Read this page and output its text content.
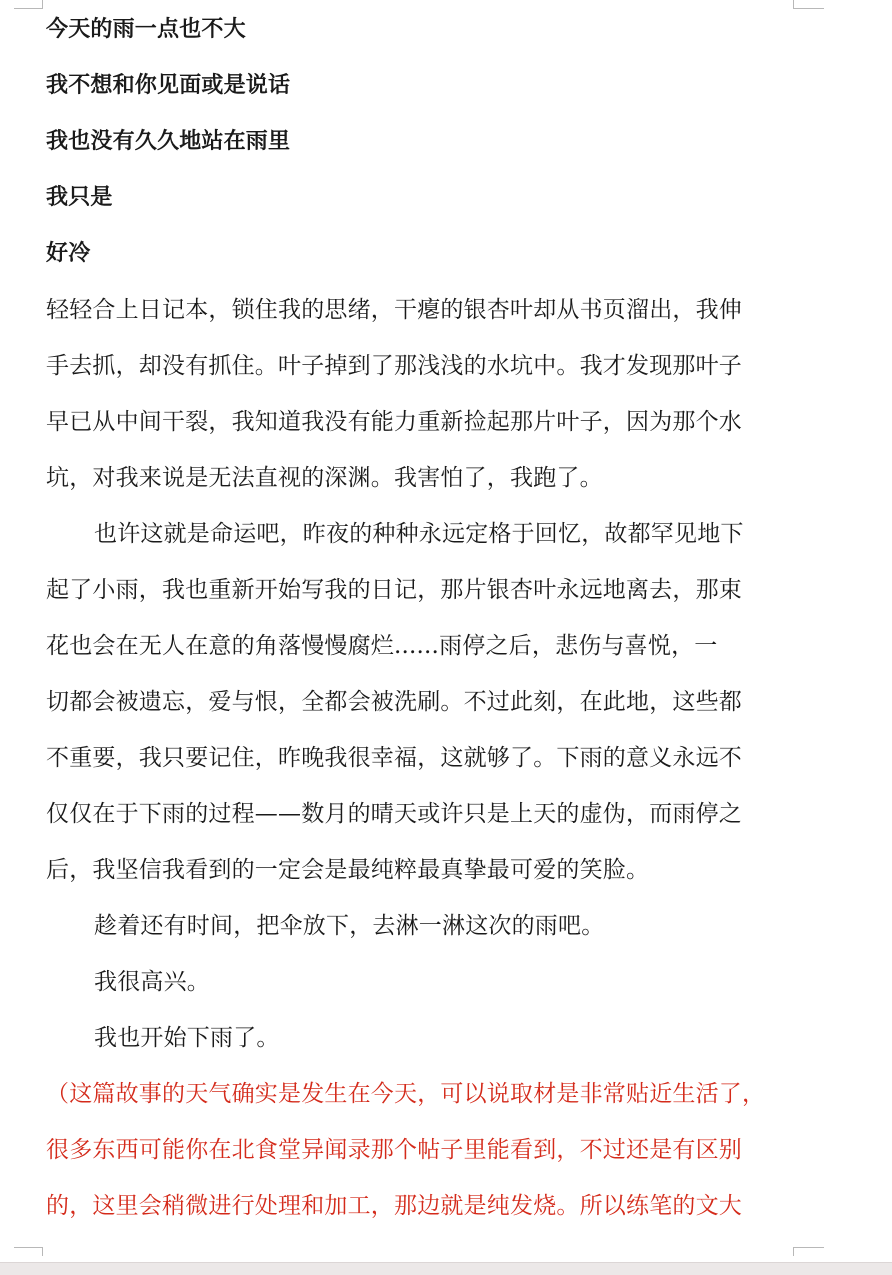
今天的雨一点也不大

我不想和你见面或是说话

我也没有久久地站在雨里

我只是

好冷

轻轻合上日记本，锁住我的思绪，干瘪的银杏叶却从书页溜出，我伸

手去抓，却没有抓住。叶子掉到了那浅浅的水坑中。我才发现那叶子

早已从中间干裂，我知道我没有能力重新捡起那片叶子，因为那个水

坑，对我来说是无法直视的深渊。我害怕了，我跑了。

也许这就是命运吧，昨夜的种种永远定格于回忆，故都罕见地下

起了小雨，我也重新开始写我的日记，那片银杏叶永远地离去，那束

花也会在无人在意的角落慢慢腐烂......雨停之后，悲伤与喜悦，一

切都会被遗忘，爱与恨，全都会被洗刷。不过此刻，在此地，这些都

不重要，我只要记住，昨晚我很幸福，这就够了。下雨的意义永远不

仅仅在于下雨的过程——数月的晴天或许只是上天的虚伪，而雨停之

后，我坚信我看到的一定会是最纯粹最真挚最可爱的笑脸。

趁着还有时间，把伞放下，去淋一淋这次的雨吧。

我很高兴。

我也开始下雨了。

（这篇故事的天气确实是发生在今天，可以说取材是非常贴近生活了，

很多东西可能你在北食堂异闻录那个帖子里能看到，不过还是有区别

的，这里会稍微进行处理和加工，那边就是纯发烧。所以练笔的文大
